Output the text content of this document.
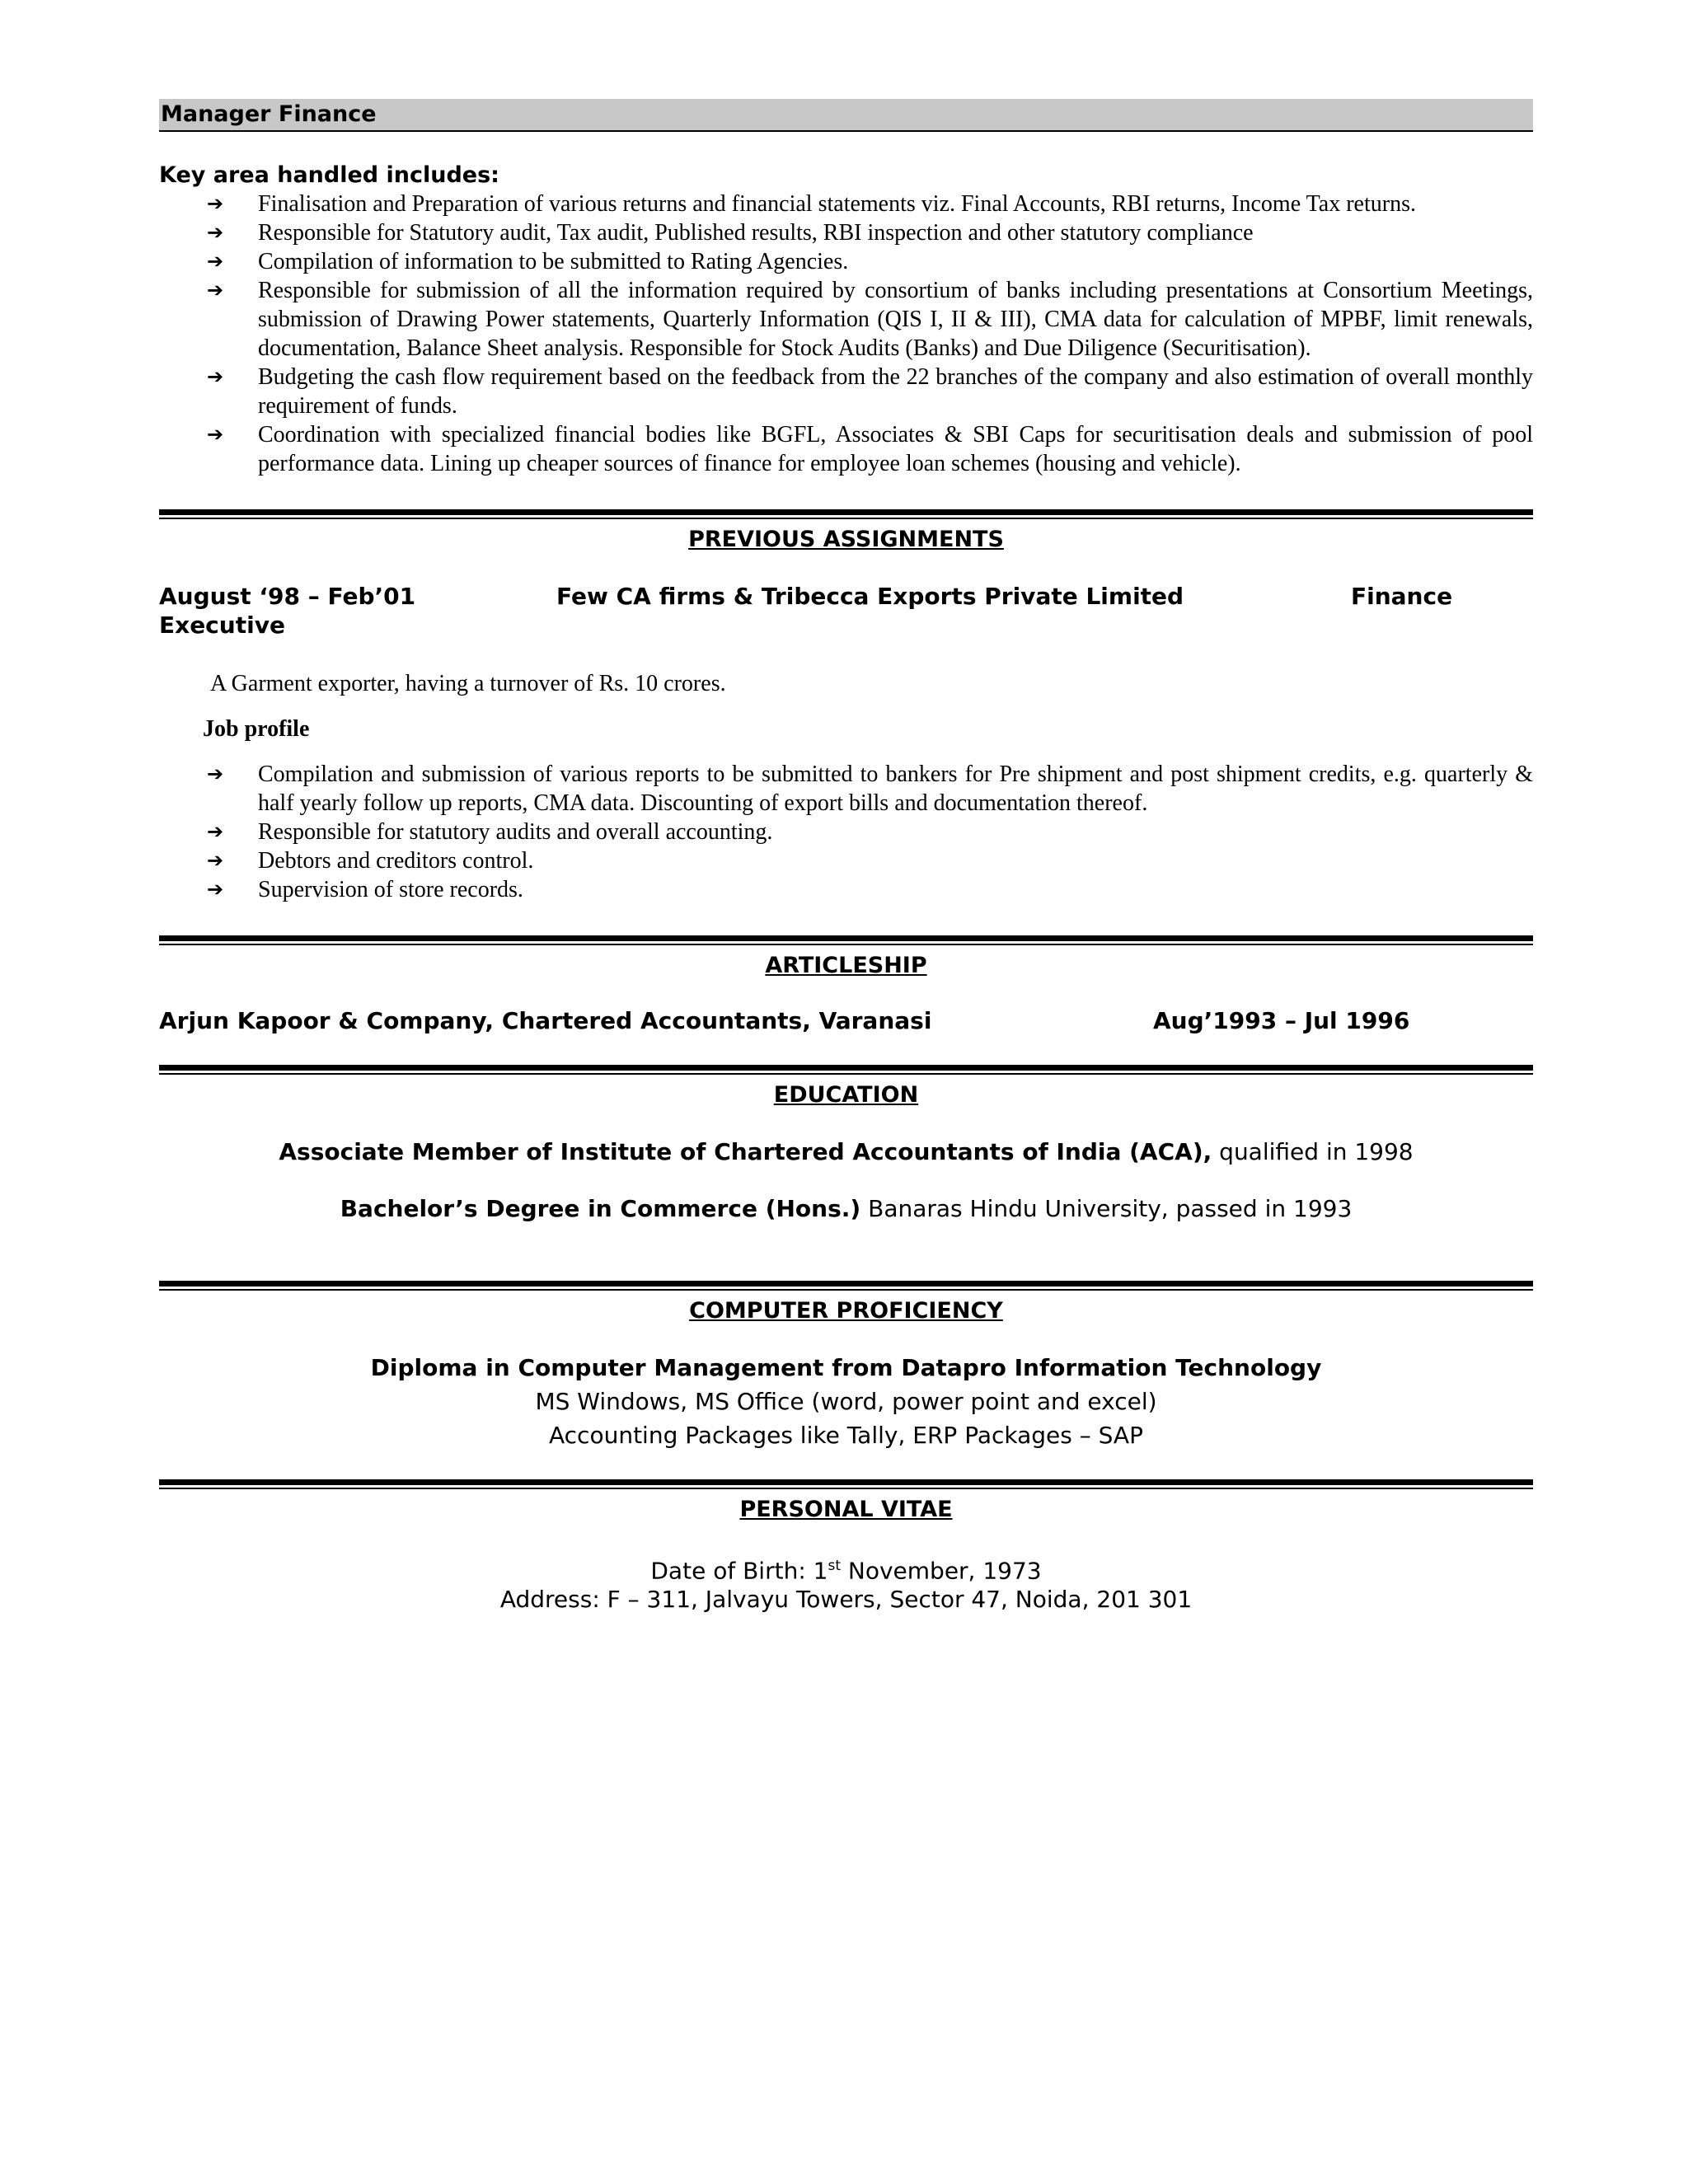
Manager Finance
Key area handled includes:
➔ Finalisation and Preparation of various returns and financial statements viz. Final Accounts, RBI returns, Income Tax returns.
➔ Responsible for Statutory audit, Tax audit, Published results, RBI inspection and other statutory compliance
➔ Compilation of information to be submitted to Rating Agencies.
➔ Responsible for submission of all the information required by consortium of banks including presentations at Consortium Meetings, submission of Drawing Power statements, Quarterly Information (QIS I, II & III), CMA data for calculation of MPBF, limit renewals, documentation, Balance Sheet analysis. Responsible for Stock Audits (Banks) and Due Diligence (Securitisation).
➔ Budgeting the cash flow requirement based on the feedback from the 22 branches of the company and also estimation of overall monthly requirement of funds.
➔ Coordination with specialized financial bodies like BGFL, Associates & SBI Caps for securitisation deals and submission of pool performance data. Lining up cheaper sources of finance for employee loan schemes (housing and vehicle).
PREVIOUS ASSIGNMENTS
August ‘98 – Feb’01	Few CA firms & Tribecca Exports Private Limited	Finance
Executive
A Garment exporter, having a turnover of Rs. 10 crores.
Job profile
➔ Compilation and submission of various reports to be submitted to bankers for Pre shipment and post shipment credits, e.g. quarterly & half yearly follow up reports, CMA data. Discounting of export bills and documentation thereof.
➔ Responsible for statutory audits and overall accounting.
➔ Debtors and creditors control.
➔ Supervision of store records.
ARTICLESHIP
Arjun Kapoor & Company, Chartered Accountants, Varanasi	Aug’1993 – Jul 1996
EDUCATION
Associate Member of Institute of Chartered Accountants of India (ACA), qualified in 1998
Bachelor’s Degree in Commerce (Hons.) Banaras Hindu University, passed in 1993
COMPUTER PROFICIENCY
Diploma in Computer Management from Datapro Information Technology
MS Windows, MS Office (word, power point and excel)
Accounting Packages like Tally, ERP Packages – SAP
PERSONAL VITAE
Date of Birth: 1st November, 1973
Address: F – 311, Jalvayu Towers, Sector 47, Noida, 201 301
